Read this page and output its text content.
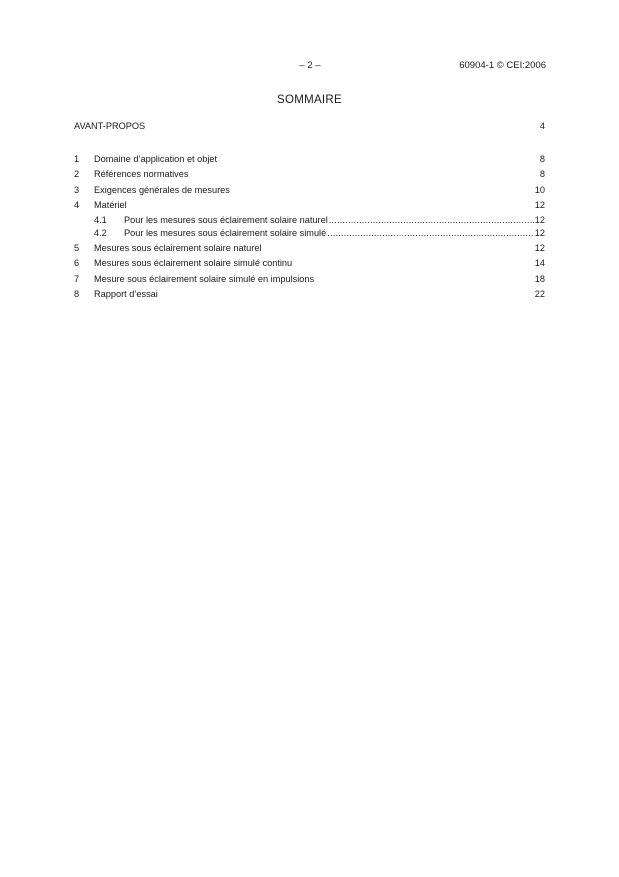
– 2 –	60904-1 © CEI:2006
SOMMAIRE
AVANT-PROPOS .....	4
1	Domaine d’application et objet .....	8
2	Références normatives .....	8
3	Exigences générales de mesures .....	10
4	Matériel .....	12
4.1	Pour les mesures sous éclairement solaire naturel .....	12
4.2	Pour les mesures sous éclairement solaire simulé .....	12
5	Mesures sous éclairement solaire naturel .....	12
6	Mesures sous éclairement solaire simulé continu .....	14
7	Mesure sous éclairement solaire simulé en impulsions .....	18
8	Rapport d’essai .....	22
